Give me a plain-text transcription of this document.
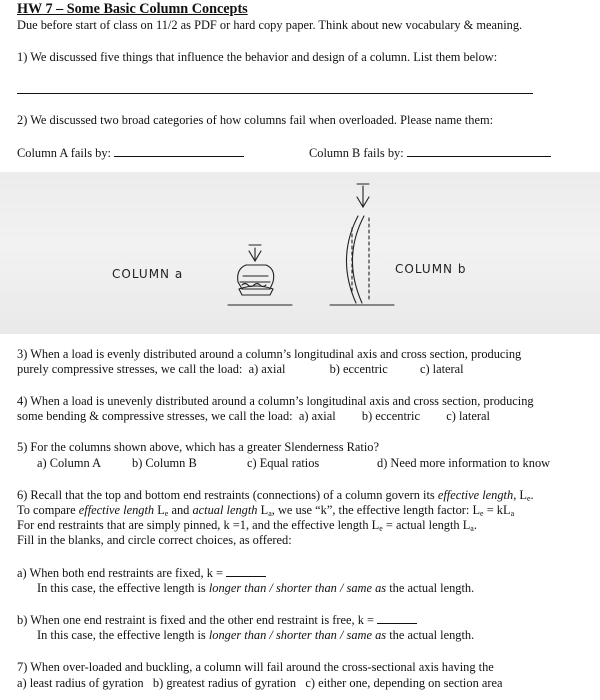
HW 7 – Some Basic Column Concepts
Due before start of class on 11/2 as PDF or hard copy paper. Think about new vocabulary & meaning.
1) We discussed five things that influence the behavior and design of a column. List them below:
2) We discussed two broad categories of how columns fail when overloaded. Please name them:
Column A fails by:	Column B fails by:
COLUMN a	COLUMN b
3) When a load is evenly distributed around a column’s longitudinal axis and cross section, producing
purely compressive stresses, we call the load: a) axial	b) eccentric	c) lateral
4) When a load is unevenly distributed around a column’s longitudinal axis and cross section, producing
some bending & compressive stresses, we call the load: a) axial b) eccentric c) lateral
5) For the columns shown above, which has a greater Slenderness Ratio?
a) Column A b) Column B	c) Equal ratios	d) Need more information to know
6) Recall that the top and bottom end restraints (connections) of a column govern its effective length, $L_e$.
To compare effective length $L_e$ and actual length $L_a$, we use “k”, the effective length factor: $L_e = kL_a$
For end restraints that are simply pinned, k =1, and the effective length $L_e$ = actual length $L_a$.
Fill in the blanks, and circle correct choices, as offered:
a) When both end restraints are fixed, k =
In this case, the effective length is longer than / shorter than / same as the actual length.
b) When one end restraint is fixed and the other end restraint is free, k =
In this case, the effective length is longer than / shorter than / same as the actual length.
7) When over-loaded and buckling, a column will fail around the cross-sectional axis having the
a) least radius of gyration b) greatest radius of gyration c) either one, depending on section area
